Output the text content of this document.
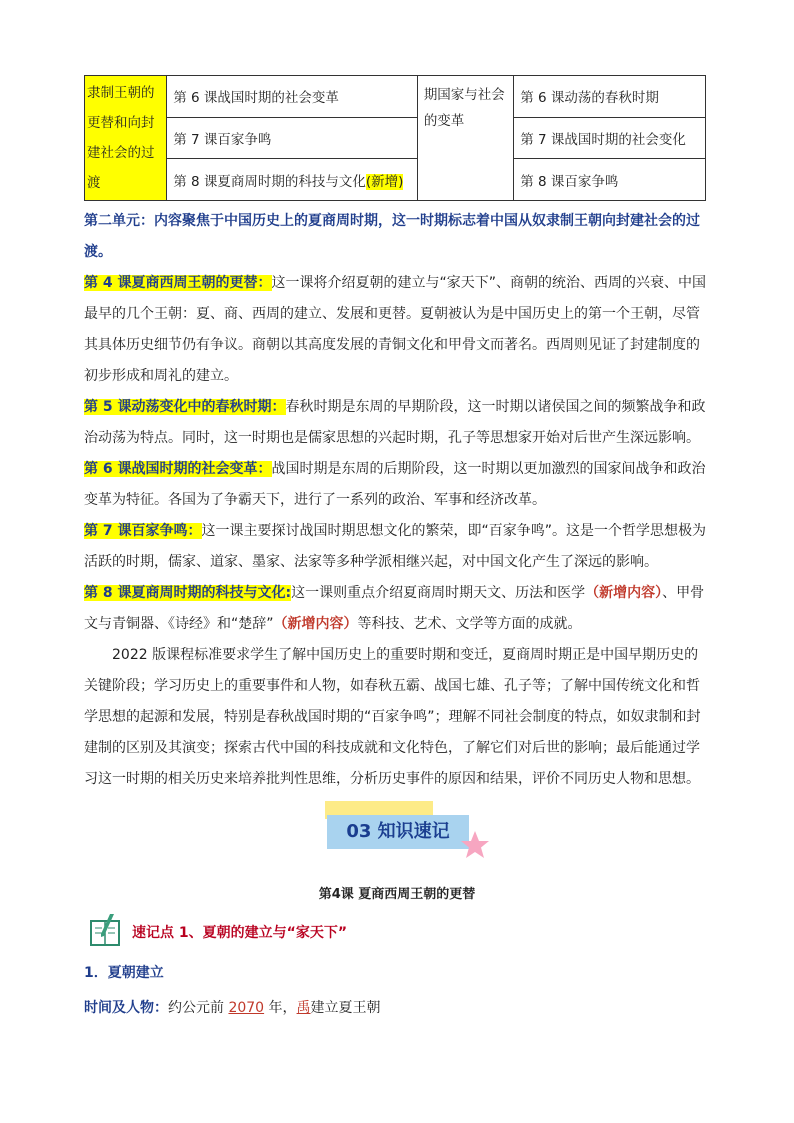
隶制王朝的更替和向封建社会的过渡	第 6 课战国时期的社会变革	期国家与社会的变革	第 6 课动荡的春秋时期
	第 7 课百家争鸣		第 7 课战国时期的社会变化
	第 8 课夏商周时期的科技与文化(新增)		第 8 课百家争鸣

第二单元：内容聚焦于中国历史上的夏商周时期，这一时期标志着中国从奴隶制王朝向封建社会的过渡。

第 4 课夏商西周王朝的更替：这一课将介绍夏朝的建立与“家天下”、商朝的统治、西周的兴衰、中国最早的几个王朝：夏、商、西周的建立、发展和更替。夏朝被认为是中国历史上的第一个王朝，尽管其具体历史细节仍有争议。商朝以其高度发展的青铜文化和甲骨文而著名。西周则见证了封建制度的初步形成和周礼的建立。

第 5 课动荡变化中的春秋时期：春秋时期是东周的早期阶段，这一时期以诸侯国之间的频繁战争和政治动荡为特点。同时，这一时期也是儒家思想的兴起时期，孔子等思想家开始对后世产生深远影响。

第 6 课战国时期的社会变革：战国时期是东周的后期阶段，这一时期以更加激烈的国家间战争和政治变革为特征。各国为了争霸天下，进行了一系列的政治、军事和经济改革。

第 7 课百家争鸣：这一课主要探讨战国时期思想文化的繁荣，即“百家争鸣”。这是一个哲学思想极为活跃的时期，儒家、道家、墨家、法家等多种学派相继兴起，对中国文化产生了深远的影响。

第 8 课夏商周时期的科技与文化:这一课则重点介绍夏商周时期天文、历法和医学（新增内容）、甲骨文与青铜器、《诗经》和“楚辞”（新增内容）等科技、艺术、文学等方面的成就。

2022 版课程标准要求学生了解中国历史上的重要时期和变迁，夏商周时期正是中国早期历史的关键阶段；学习历史上的重要事件和人物，如春秋五霸、战国七雄、孔子等；了解中国传统文化和哲学思想的起源和发展，特别是春秋战国时期的“百家争鸣”；理解不同社会制度的特点，如奴隶制和封建制的区别及其演变；探索古代中国的科技成就和文化特色，了解它们对后世的影响；最后能通过学习这一时期的相关历史来培养批判性思维，分析历史事件的原因和结果，评价不同历史人物和思想。

03 知识速记
第4课 夏商西周王朝的更替
速记点 1、夏朝的建立与“家天下”
1．夏朝建立
时间及人物：约公元前 2070 年，禹建立夏王朝
